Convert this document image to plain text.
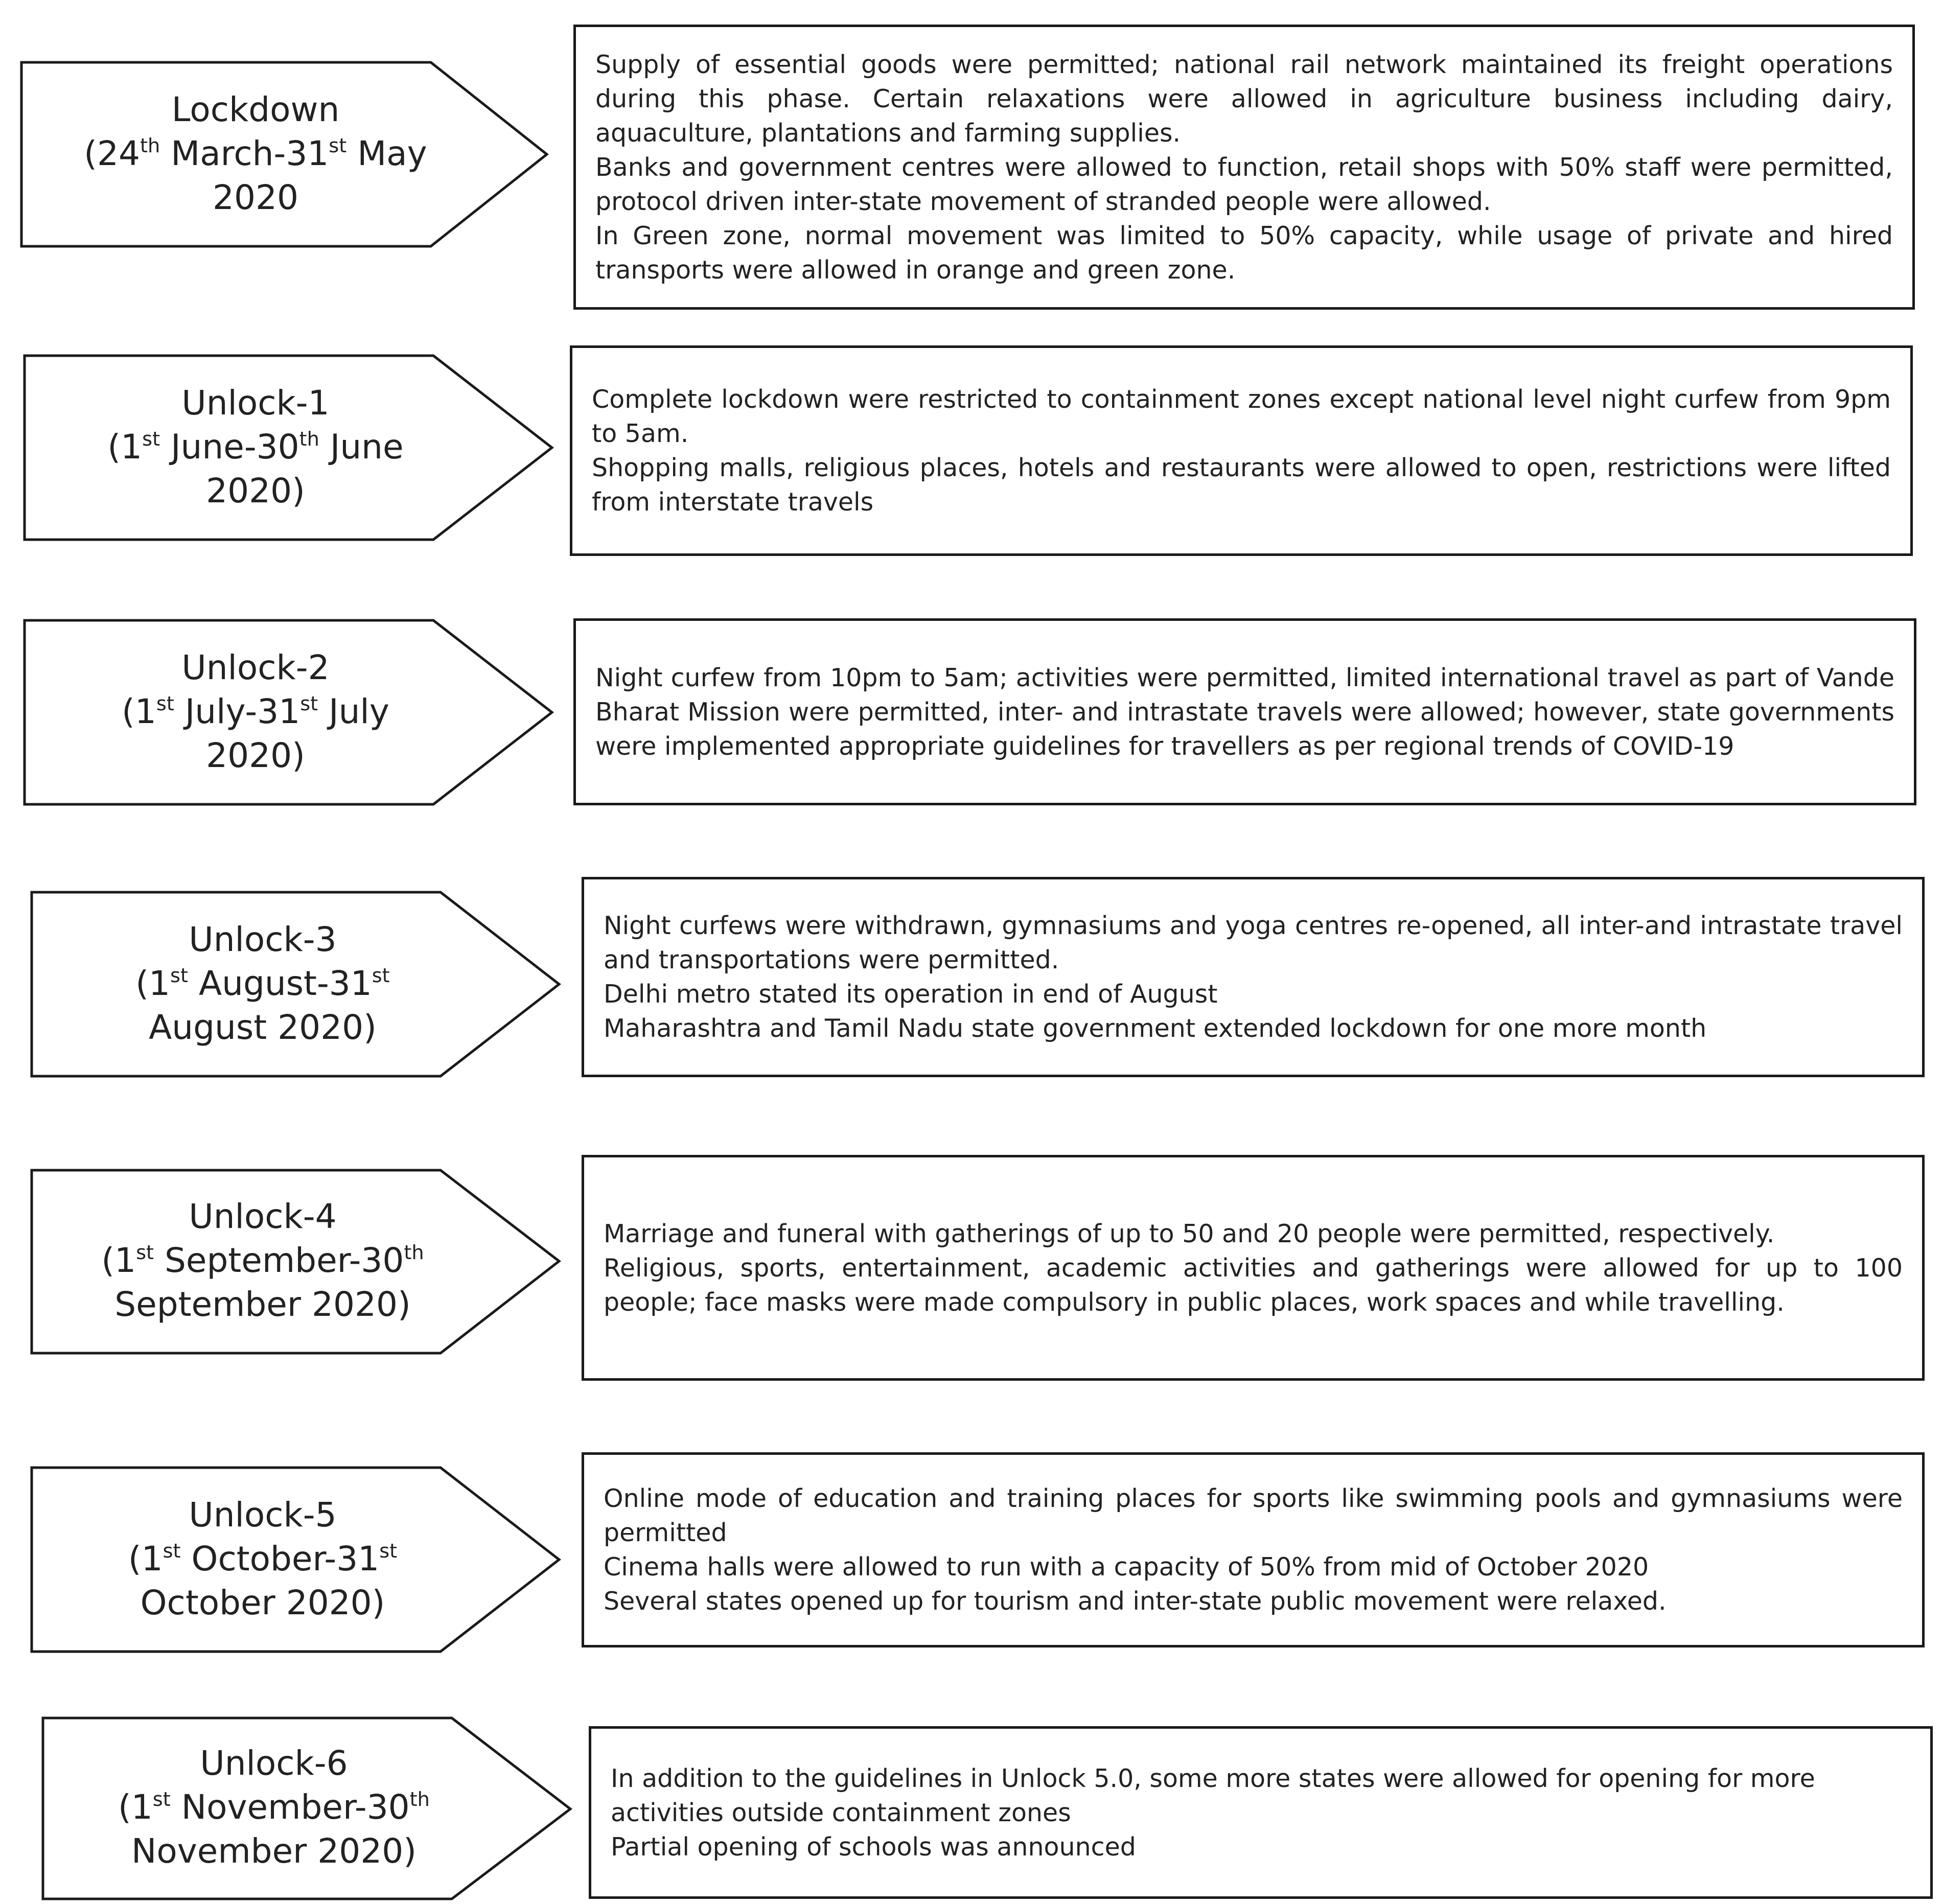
Lockdown
(24th March-31st May
2020
Supply of essential goods were permitted; national rail network maintained its freight operations during this phase. Certain relaxations were allowed in agriculture business including dairy, aquaculture, plantations and farming supplies.
Banks and government centres were allowed to function, retail shops with 50% staff were permitted, protocol driven inter-state movement of stranded people were allowed.
In Green zone, normal movement was limited to 50% capacity, while usage of private and hired transports were allowed in orange and green zone.
Unlock-1
(1st June-30th June
2020)
Complete lockdown were restricted to containment zones except national level night curfew from 9pm to 5am.
Shopping malls, religious places, hotels and restaurants were allowed to open, restrictions were lifted from interstate travels
Unlock-2
(1st July-31st July
2020)
Night curfew from 10pm to 5am; activities were permitted, limited international travel as part of Vande Bharat Mission were permitted, inter- and intrastate travels were allowed; however, state governments were implemented appropriate guidelines for travellers as per regional trends of COVID-19
Unlock-3
(1st August-31st
August 2020)
Night curfews were withdrawn, gymnasiums and yoga centres re-opened, all inter-and intrastate travel and transportations were permitted.
Delhi metro stated its operation in end of August
Maharashtra and Tamil Nadu state government extended lockdown for one more month
Unlock-4
(1st September-30th
September 2020)
Marriage and funeral with gatherings of up to 50 and 20 people were permitted, respectively.
Religious, sports, entertainment, academic activities and gatherings were allowed for up to 100 people; face masks were made compulsory in public places, work spaces and while travelling.
Unlock-5
(1st October-31st
October 2020)
Online mode of education and training places for sports like swimming pools and gymnasiums were permitted
Cinema halls were allowed to run with a capacity of 50% from mid of October 2020
Several states opened up for tourism and inter-state public movement were relaxed.
Unlock-6
(1st November-30th
November 2020)
In addition to the guidelines in Unlock 5.0, some more states were allowed for opening for more activities outside containment zones
Partial opening of schools was announced
